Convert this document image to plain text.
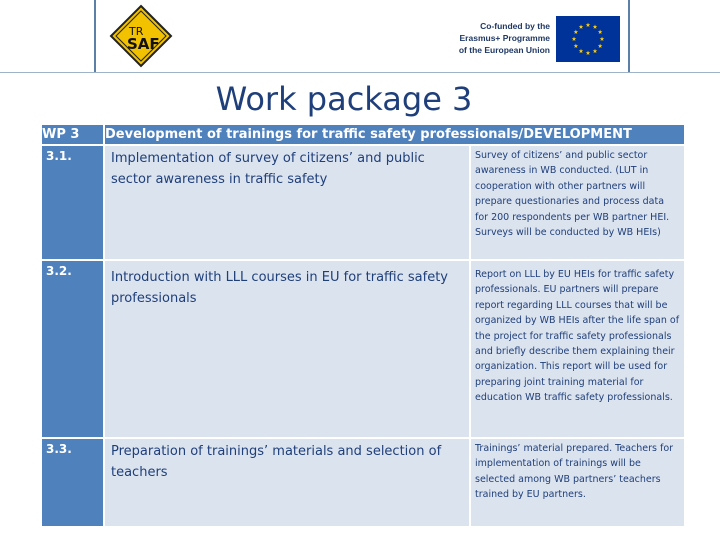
TR
SAF
Co-funded by the
Erasmus+ Programme
of the European Union
Work package 3
WP 3	Development of trainings for traffic safety professionals/DEVELOPMENT	
3.1.	Implementation of survey of citizens’ and public sector awareness in traffic safety	Survey of citizens’ and public sector awareness in WB conducted. (LUT in cooperation with other partners will prepare questionaries and process data for 200 respondents per WB partner HEI. Surveys will be conducted by WB HEIs)
3.2.	Introduction with LLL courses in EU for traffic safety professionals	Report on LLL by EU HEIs for traffic safety professionals. EU partners will prepare report regarding LLL courses that will be organized by WB HEIs after the life span of the project for traffic safety professionals and briefly describe them explaining their organization. This report will be used for preparing joint training material for education WB traffic safety professionals.
3.3.	Preparation of trainings’ materials and selection of teachers	Trainings’ material prepared. Teachers for implementation of trainings will be selected among WB partners’ teachers trained by EU partners.
